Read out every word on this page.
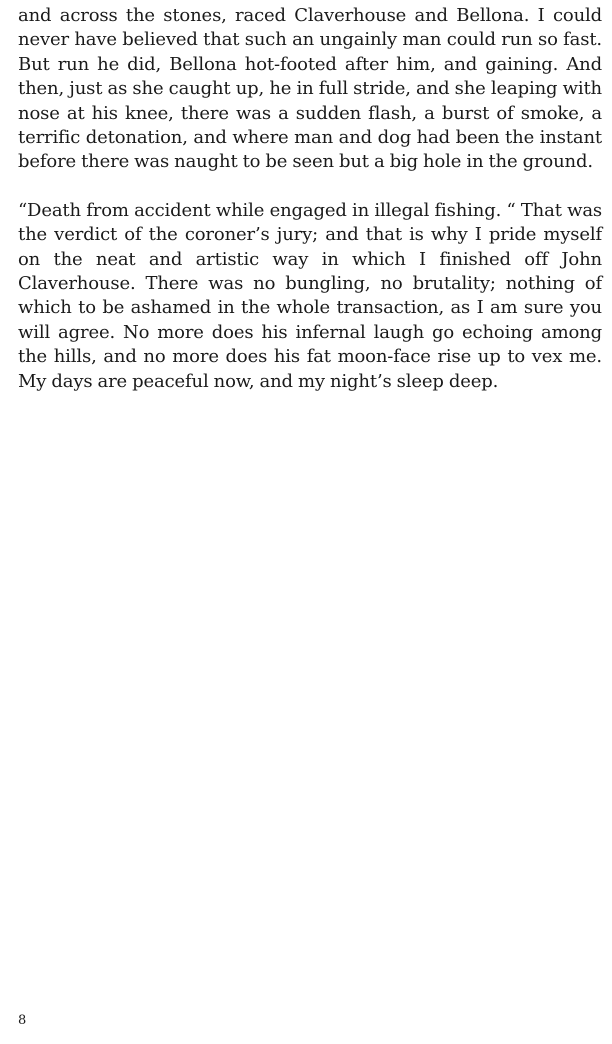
and across the stones, raced Claverhouse and Bellona. I could never have believed that such an ungainly man could run so fast. But run he did, Bellona hot-footed after him, and gaining. And then, just as she caught up, he in full stride, and she leaping with nose at his knee, there was a sudden flash, a burst of smoke, a terrific detonation, and where man and dog had been the instant before there was naught to be seen but a big hole in the ground.

“Death from accident while engaged in illegal fishing. “ That was the verdict of the coroner’s jury; and that is why I pride myself on the neat and artistic way in which I finished off John Claverhouse. There was no bungling, no brutality; nothing of which to be ashamed in the whole transaction, as I am sure you will agree. No more does his infernal laugh go echoing among the hills, and no more does his fat moon-face rise up to vex me. My days are peaceful now, and my night’s sleep deep.

8
